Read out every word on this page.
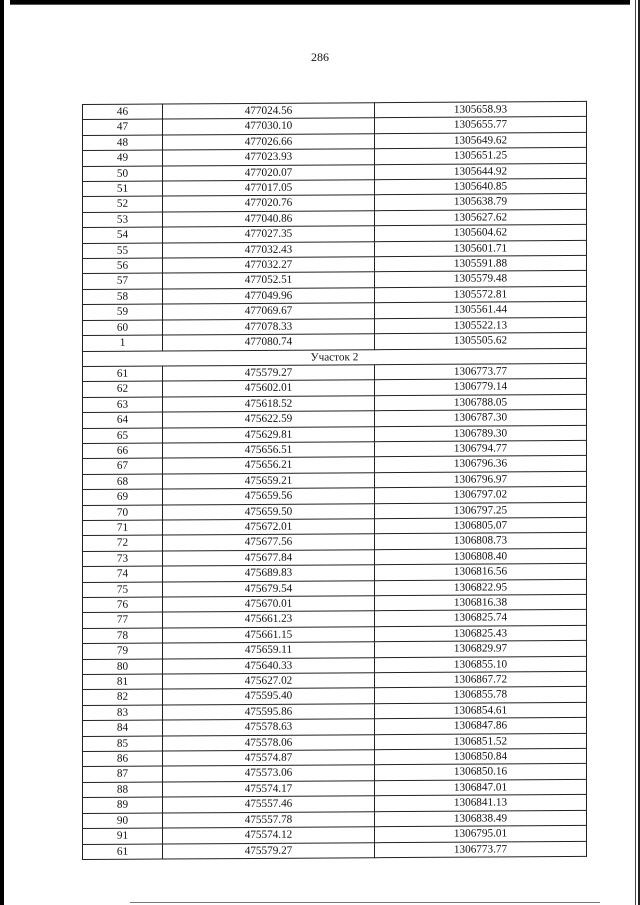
286
46	477024.56	1305658.93
47	477030.10	1305655.77
48	477026.66	1305649.62
49	477023.93	1305651.25
50	477020.07	1305644.92
51	477017.05	1305640.85
52	477020.76	1305638.79
53	477040.86	1305627.62
54	477027.35	1305604.62
55	477032.43	1305601.71
56	477032.27	1305591.88
57	477052.51	1305579.48
58	477049.96	1305572.81
59	477069.67	1305561.44
60	477078.33	1305522.13
1	477080.74	1305505.62
Участок 2		
61	475579.27	1306773.77
62	475602.01	1306779.14
63	475618.52	1306788.05
64	475622.59	1306787.30
65	475629.81	1306789.30
66	475656.51	1306794.77
67	475656.21	1306796.36
68	475659.21	1306796.97
69	475659.56	1306797.02
70	475659.50	1306797.25
71	475672.01	1306805.07
72	475677.56	1306808.73
73	475677.84	1306808.40
74	475689.83	1306816.56
75	475679.54	1306822.95
76	475670.01	1306816.38
77	475661.23	1306825.74
78	475661.15	1306825.43
79	475659.11	1306829.97
80	475640.33	1306855.10
81	475627.02	1306867.72
82	475595.40	1306855.78
83	475595.86	1306854.61
84	475578.63	1306847.86
85	475578.06	1306851.52
86	475574.87	1306850.84
87	475573.06	1306850.16
88	475574.17	1306847.01
89	475557.46	1306841.13
90	475557.78	1306838.49
91	475574.12	1306795.01
61	475579.27	1306773.77
